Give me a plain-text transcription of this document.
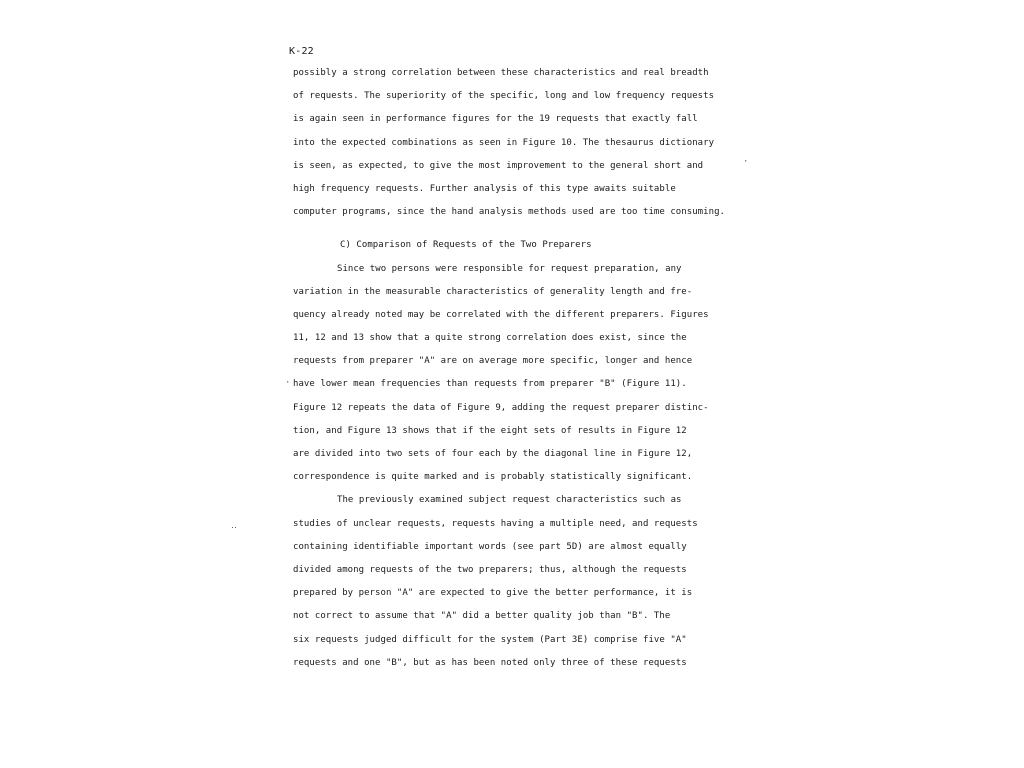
K-22
·
·
‥
possibly a strong correlation between these characteristics and real breadth
of requests. The superiority of the specific, long and low frequency requests
is again seen in performance figures for the 19 requests that exactly fall
into the expected combinations as seen in Figure 10. The thesaurus dictionary
is seen, as expected, to give the most improvement to the general short and
high frequency requests. Further analysis of this type awaits suitable
computer programs, since the hand analysis methods used are too time consuming.
C) Comparison of Requests of the Two Preparers
Since two persons were responsible for request preparation, any
variation in the measurable characteristics of generality length and fre-
quency already noted may be correlated with the different preparers. Figures
11, 12 and 13 show that a quite strong correlation does exist, since the
requests from preparer "A" are on average more specific, longer and hence
have lower mean frequencies than requests from preparer "B" (Figure 11).
Figure 12 repeats the data of Figure 9, adding the request preparer distinc-
tion, and Figure 13 shows that if the eight sets of results in Figure 12
are divided into two sets of four each by the diagonal line in Figure 12,
correspondence is quite marked and is probably statistically significant.
The previously examined subject request characteristics such as
studies of unclear requests, requests having a multiple need, and requests
containing identifiable important words (see part 5D) are almost equally
divided among requests of the two preparers; thus, although the requests
prepared by person "A" are expected to give the better performance, it is
not correct to assume that "A" did a better quality job than "B". The
six requests judged difficult for the system (Part 3E) comprise five "A"
requests and one "B", but as has been noted only three of these requests
